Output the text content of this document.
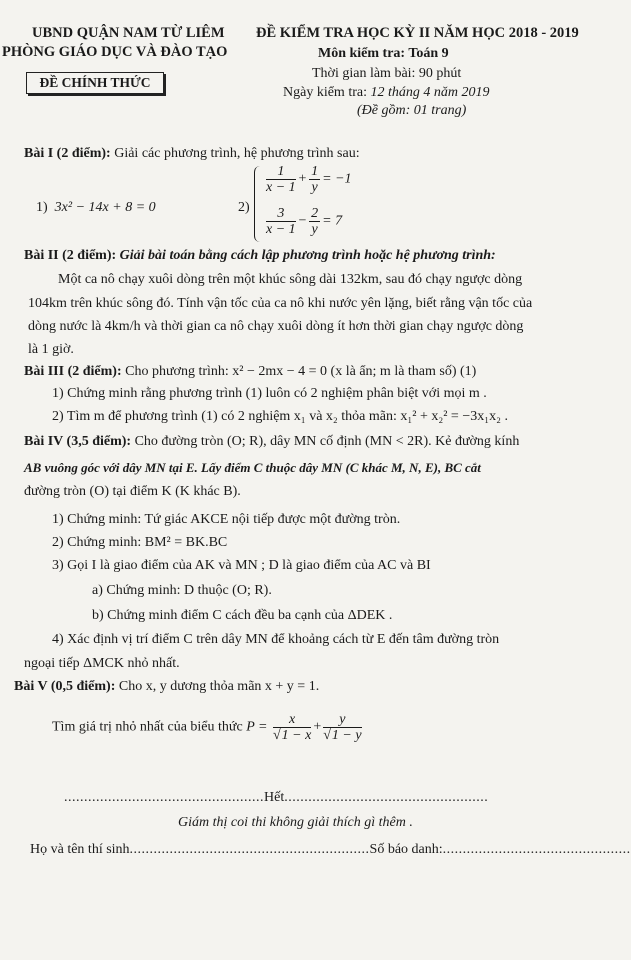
UBND QUẬN NAM TỪ LIÊM
PHÒNG GIÁO DỤC VÀ ĐÀO TẠO
ĐỀ CHÍNH THỨC
ĐỀ KIỂM TRA HỌC KỲ II NĂM HỌC 2018 - 2019
Môn kiểm tra: Toán 9
Thời gian làm bài: 90 phút
Ngày kiểm tra: 12 tháng 4 năm 2019
(Đề gồm: 01 trang)
Bài I (2 điểm): Giải các phương trình, hệ phương trình sau:
1) 3x² − 14x + 8 = 0	2)
$\frac{1}{x - 1} + \frac{1}{y} = -1$
$\frac{3}{x - 1} - \frac{2}{y} = 7$
Bài II (2 điểm): Giải bài toán bằng cách lập phương trình hoặc hệ phương trình:
Một ca nô chạy xuôi dòng trên một khúc sông dài 132km, sau đó chạy ngược dòng
104km trên khúc sông đó. Tính vận tốc của ca nô khi nước yên lặng, biết rằng vận tốc của
dòng nước là 4km/h và thời gian ca nô chạy xuôi dòng ít hơn thời gian chạy ngược dòng
là 1 giờ.
Bài III (2 điểm): Cho phương trình: x² − 2mx − 4 = 0 (x là ẩn; m là tham số) (1)
1) Chứng minh rằng phương trình (1) luôn có 2 nghiệm phân biệt với mọi m .
2) Tìm m để phương trình (1) có 2 nghiệm x₁ và x₂ thỏa mãn: x₁² + x₂² = −3x₁x₂ .
Bài IV (3,5 điểm): Cho đường tròn (O; R), dây MN cố định (MN < 2R). Kẻ đường kính
AB vuông góc với dây MN tại E. Lấy điểm C thuộc dây MN (C khác M, N, E), BC cắt
đường tròn (O) tại điểm K (K khác B).
1) Chứng minh: Tứ giác AKCE nội tiếp được một đường tròn.
2) Chứng minh: BM² = BK.BC
3) Gọi I là giao điểm của AK và MN ; D là giao điểm của AC và BI
a) Chứng minh: D thuộc (O; R).
b) Chứng minh điểm C cách đều ba cạnh của ΔDEK .
4) Xác định vị trí điểm C trên dây MN để khoảng cách từ E đến tâm đường tròn
ngoại tiếp ΔMCK nhỏ nhất.
Bài V (0,5 điểm): Cho x, y dương thỏa mãn x + y = 1.
Tìm giá trị nhỏ nhất của biểu thức $P = \frac{x}{√1 - x} + \frac{y}{√1 - y}$
..................................................Hết...................................................
Giám thị coi thi không giải thích gì thêm .
Họ và tên thí sinh............................................................Số báo danh:...............................................
